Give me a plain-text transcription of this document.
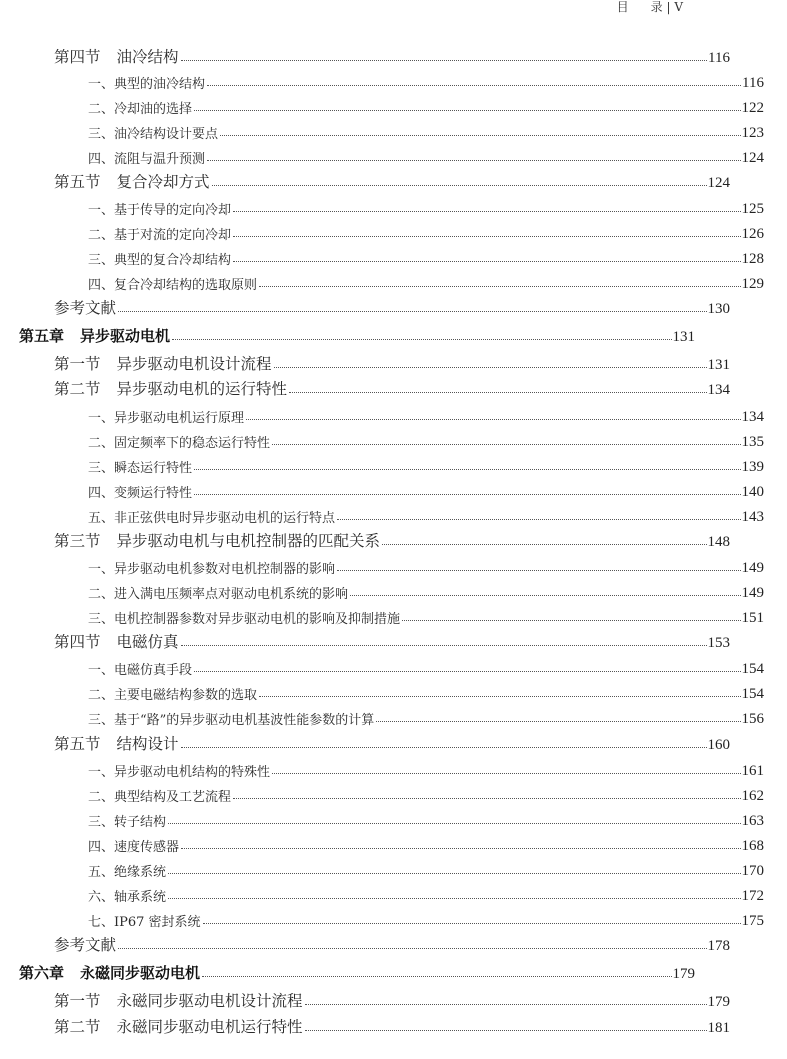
目 录 | V
第四节 油冷结构	116
一、典型的油冷结构	116
二、冷却油的选择	122
三、油冷结构设计要点	123
四、流阻与温升预测	124
第五节 复合冷却方式	124
一、基于传导的定向冷却	125
二、基于对流的定向冷却	126
三、典型的复合冷却结构	128
四、复合冷却结构的选取原则	129
参考文献	130
第五章 异步驱动电机	131
第一节 异步驱动电机设计流程	131
第二节 异步驱动电机的运行特性	134
一、异步驱动电机运行原理	134
二、固定频率下的稳态运行特性	135
三、瞬态运行特性	139
四、变频运行特性	140
五、非正弦供电时异步驱动电机的运行特点	143
第三节 异步驱动电机与电机控制器的匹配关系	148
一、异步驱动电机参数对电机控制器的影响	149
二、进入满电压频率点对驱动电机系统的影响	149
三、电机控制器参数对异步驱动电机的影响及抑制措施	151
第四节 电磁仿真	153
一、电磁仿真手段	154
二、主要电磁结构参数的选取	154
三、基于“路”的异步驱动电机基波性能参数的计算	156
第五节 结构设计	160
一、异步驱动电机结构的特殊性	161
二、典型结构及工艺流程	162
三、转子结构	163
四、速度传感器	168
五、绝缘系统	170
六、轴承系统	172
七、IP67 密封系统	175
参考文献	178
第六章 永磁同步驱动电机	179
第一节 永磁同步驱动电机设计流程	179
第二节 永磁同步驱动电机运行特性	181
